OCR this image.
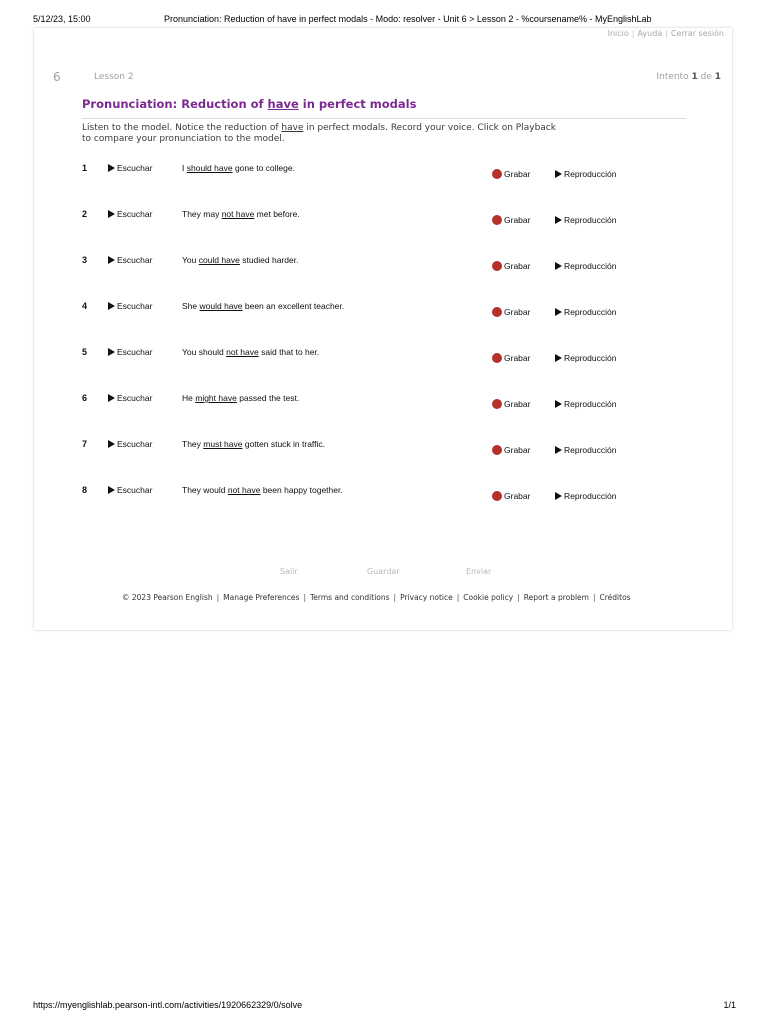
5/12/23, 15:00	Pronunciation: Reduction of have in perfect modals - Modo: resolver - Unit 6 > Lesson 2 - %coursename% - MyEnglishLab
Inicio | Ayuda | Cerrar sesión
6	Lesson 2	Intento 1 de 1
Pronunciation: Reduction of have in perfect modals
Listen to the model. Notice the reduction of have in perfect modals. Record your voice. Click on Playback to compare your pronunciation to the model.
1	Escuchar	I should have gone to college.
Grabar	Reproducción
2	Escuchar	They may not have met before.
Grabar	Reproducción
3	Escuchar	You could have studied harder.
Grabar	Reproducción
4	Escuchar	She would have been an excellent teacher.
Grabar	Reproducción
5	Escuchar	You should not have said that to her.
Grabar	Reproducción
6	Escuchar	He might have passed the test.
Grabar	Reproducción
7	Escuchar	They must have gotten stuck in traffic.
Grabar	Reproducción
8	Escuchar	They would not have been happy together.
Grabar	Reproducción
Salir	Guardar	Enviar
© 2023 Pearson English | Manage Preferences | Terms and conditions | Privacy notice | Cookie policy | Report a problem | Créditos
https://myenglishlab.pearson-intl.com/activities/1920662329/0/solve	1/1
